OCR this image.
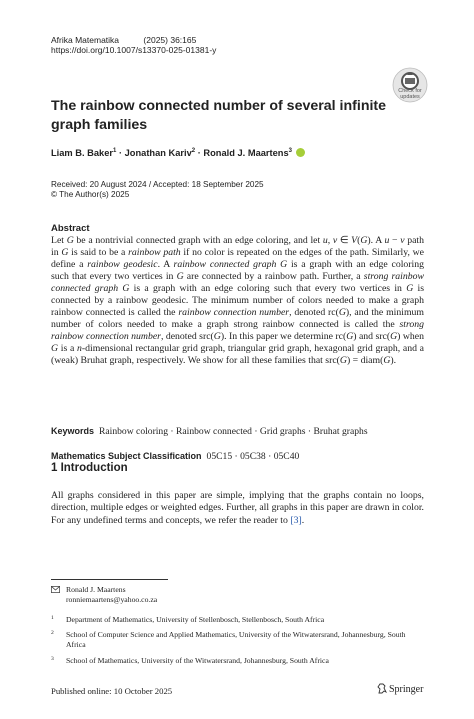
Afrika Matematika	(2025) 36:165
https://doi.org/10.1007/s13370-025-01381-y
Check for
updates
The rainbow connected number of several infinite graph families
Liam B. Baker$^1$ · Jonathan Kariv$^2$ · Ronald J. Maartens$^3$
Received: 20 August 2024 / Accepted: 18 September 2025
© The Author(s) 2025
Abstract

Let G be a nontrivial connected graph with an edge coloring, and let u, v ∈ V(G). A u − v path in G is said to be a rainbow path if no color is repeated on the edges of the path. Similarly, we define a rainbow geodesic. A rainbow connected graph G is a graph with an edge coloring such that every two vertices in G are connected by a rainbow path. Further, a strong rainbow connected graph G is a graph with an edge coloring such that every two vertices in G is connected by a rainbow geodesic. The minimum number of colors needed to make a graph rainbow connected is called the rainbow connection number, denoted rc(G), and the minimum number of colors needed to make a graph strong rainbow connected is called the strong rainbow connection number, denoted src(G). In this paper we determine rc(G) and src(G) when G is a n-dimensional rectangular grid graph, triangular grid graph, hexagonal grid graph, and a (weak) Bruhat graph, respectively. We show for all these families that src(G) = diam(G).

Keywords Rainbow coloring · Rainbow connected · Grid graphs · Bruhat graphs
Mathematics Subject Classification 05C15 · 05C38 · 05C40
1 Introduction
All graphs considered in this paper are simple, implying that the graphs contain no loops, direction, multiple edges or weighted edges. Further, all graphs in this paper are drawn in color. For any undefined terms and concepts, we refer the reader to [3].
Ronald J. Maartens
ronniemaartens@yahoo.co.za
1 Department of Mathematics, University of Stellenbosch, Stellenbosch, South Africa
2 School of Computer Science and Applied Mathematics, University of the Witwatersrand, Johannesburg, South Africa
3 School of Mathematics, University of the Witwatersrand, Johannesburg, South Africa
Published online: 10 October 2025	Springer
